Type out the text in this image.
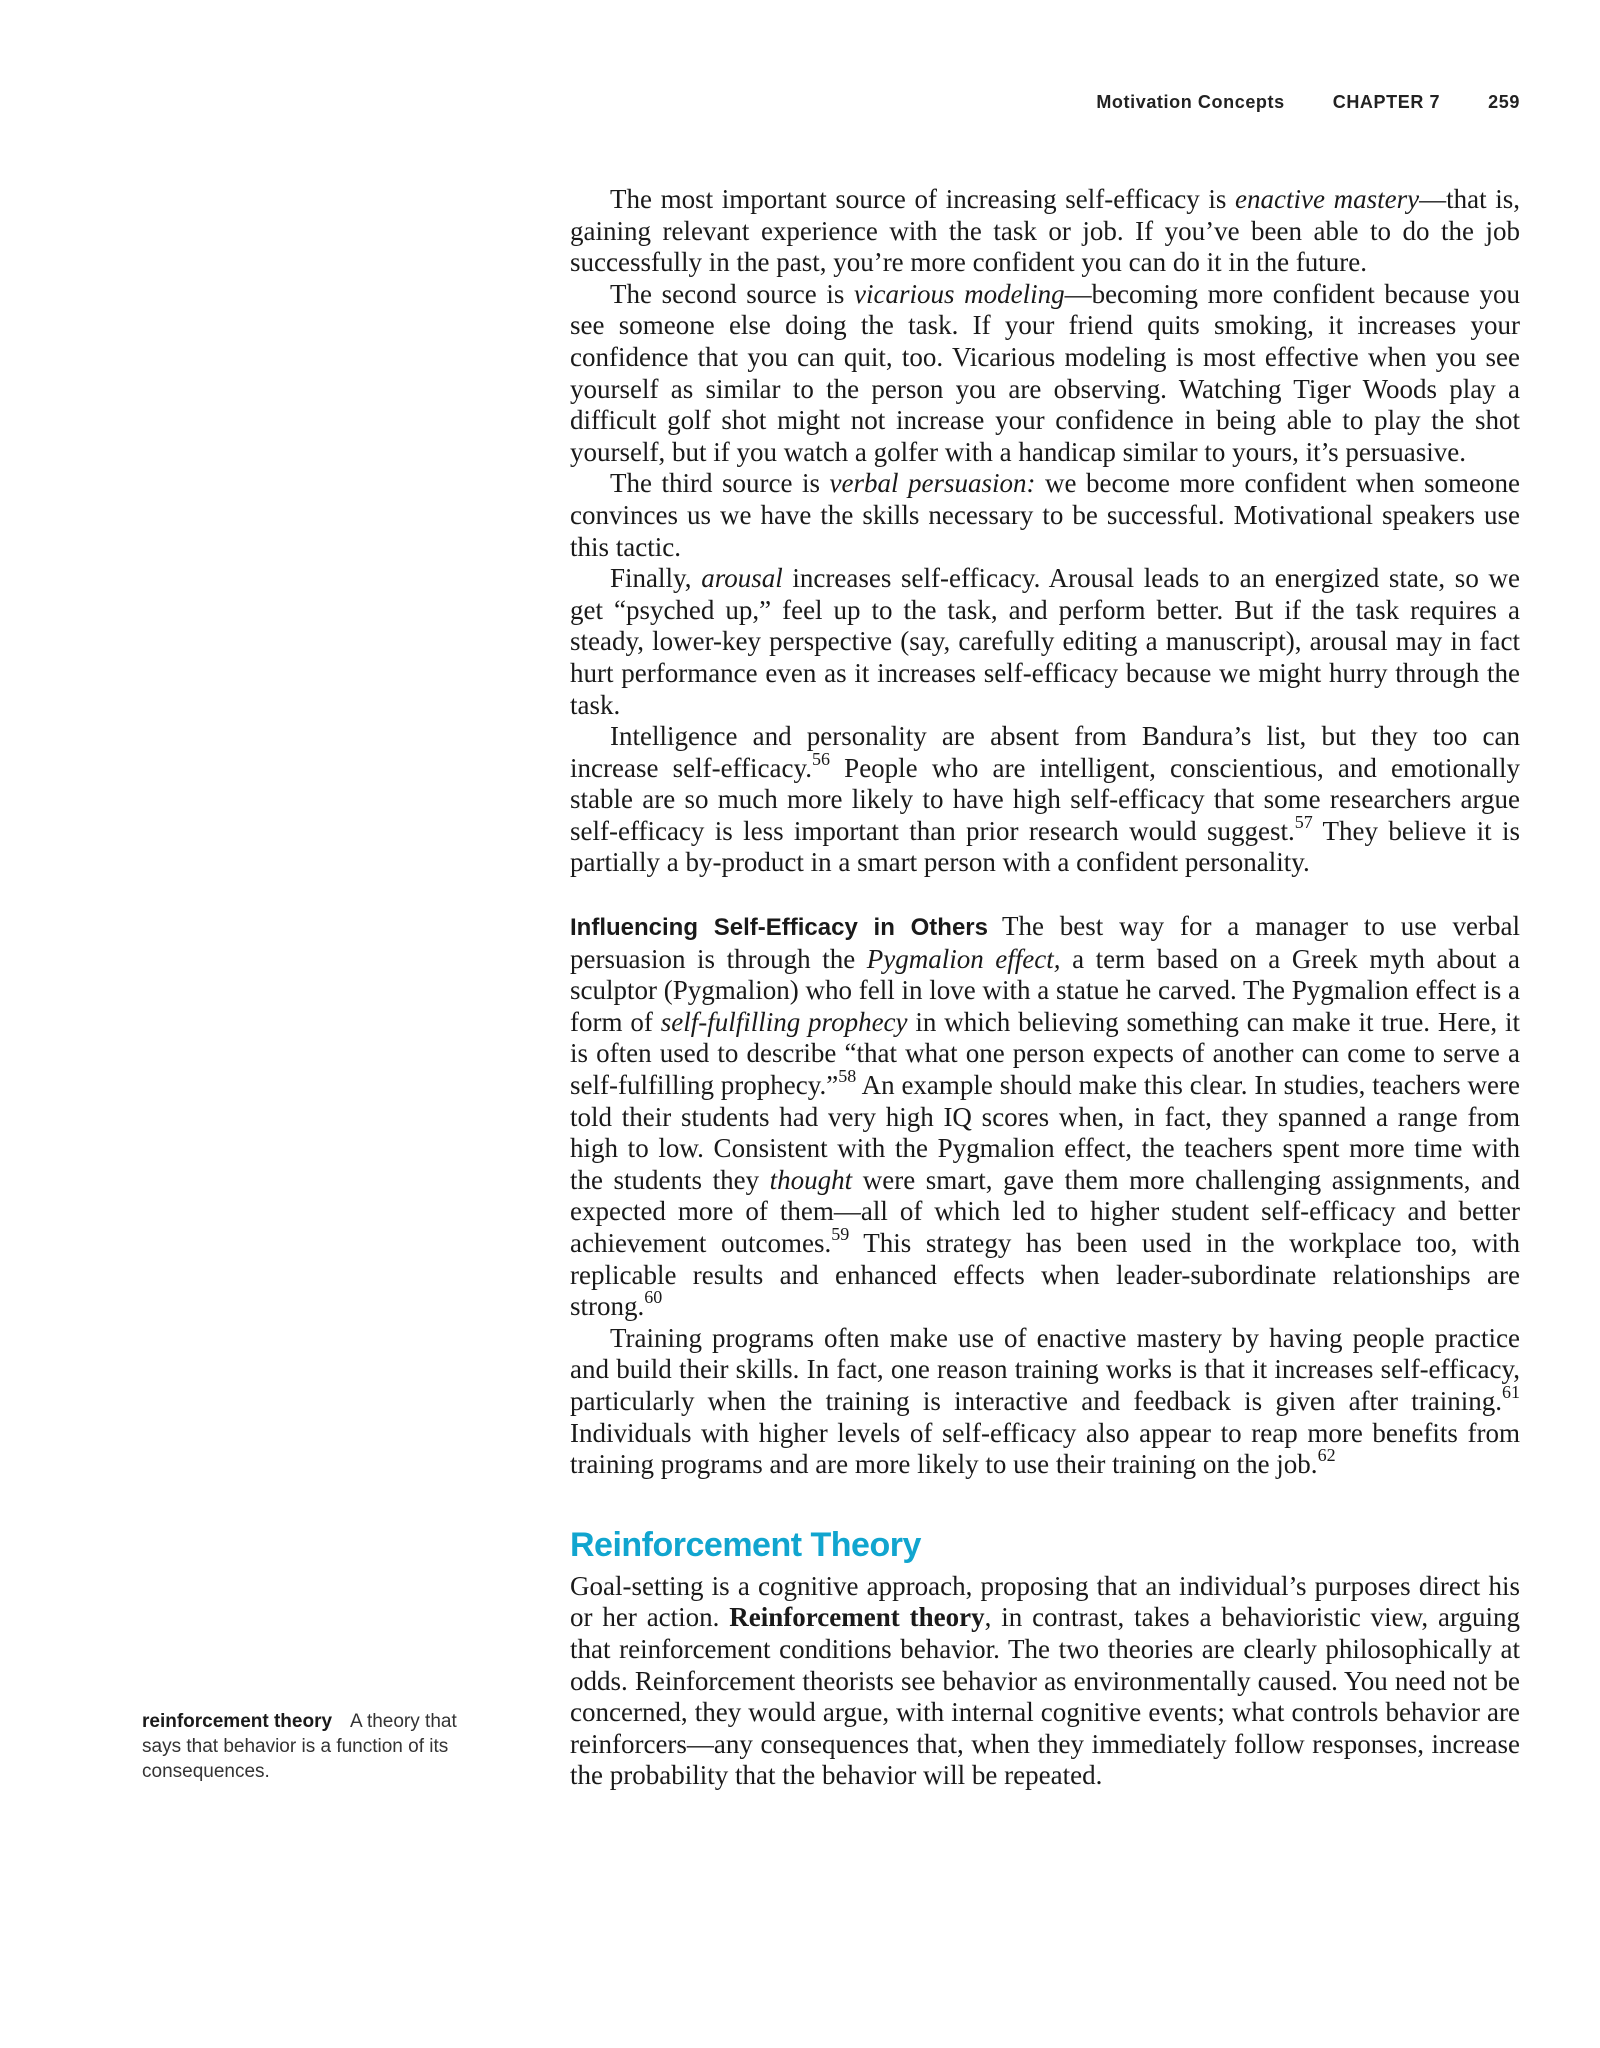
Motivation Concepts	CHAPTER 7	259

The most important source of increasing self-efficacy is enactive mastery—that is, gaining relevant experience with the task or job. If you’ve been able to do the job successfully in the past, you’re more confident you can do it in the future.

The second source is vicarious modeling—becoming more confident because you see someone else doing the task. If your friend quits smoking, it increases your confidence that you can quit, too. Vicarious modeling is most effective when you see yourself as similar to the person you are observing. Watching Tiger Woods play a difficult golf shot might not increase your confidence in being able to play the shot yourself, but if you watch a golfer with a handicap similar to yours, it’s persuasive.

The third source is verbal persuasion: we become more confident when someone convinces us we have the skills necessary to be successful. Motivational speakers use this tactic.

Finally, arousal increases self-efficacy. Arousal leads to an energized state, so we get “psyched up,” feel up to the task, and perform better. But if the task requires a steady, lower-key perspective (say, carefully editing a manuscript), arousal may in fact hurt performance even as it increases self-efficacy because we might hurry through the task.

Intelligence and personality are absent from Bandura’s list, but they too can increase self-efficacy.$^{56}$ People who are intelligent, conscientious, and emotionally stable are so much more likely to have high self-efficacy that some researchers argue self-efficacy is less important than prior research would suggest.$^{57}$ They believe it is partially a by-product in a smart person with a confident personality.

Influencing Self-Efficacy in Others The best way for a manager to use verbal persuasion is through the Pygmalion effect, a term based on a Greek myth about a sculptor (Pygmalion) who fell in love with a statue he carved. The Pygmalion effect is a form of self-fulfilling prophecy in which believing something can make it true. Here, it is often used to describe “that what one person expects of another can come to serve a self-fulfilling prophecy.”$^{58}$ An example should make this clear. In studies, teachers were told their students had very high IQ scores when, in fact, they spanned a range from high to low. Consistent with the Pygmalion effect, the teachers spent more time with the students they thought were smart, gave them more challenging assignments, and expected more of them—all of which led to higher student self-efficacy and better achievement outcomes.$^{59}$ This strategy has been used in the workplace too, with replicable results and enhanced effects when leader-subordinate relationships are strong.$^{60}$

Training programs often make use of enactive mastery by having people practice and build their skills. In fact, one reason training works is that it increases self-efficacy, particularly when the training is interactive and feedback is given after training.$^{61}$ Individuals with higher levels of self-efficacy also appear to reap more benefits from training programs and are more likely to use their training on the job.$^{62}$

Reinforcement Theory

Goal-setting is a cognitive approach, proposing that an individual’s purposes direct his or her action. Reinforcement theory, in contrast, takes a behavioristic view, arguing that reinforcement conditions behavior. The two theories are clearly philosophically at odds. Reinforcement theorists see behavior as environmentally caused. You need not be concerned, they would argue, with internal cognitive events; what controls behavior are reinforcers—any consequences that, when they immediately follow responses, increase the probability that the behavior will be repeated.

reinforcement theory A theory that says that behavior is a function of its consequences.
